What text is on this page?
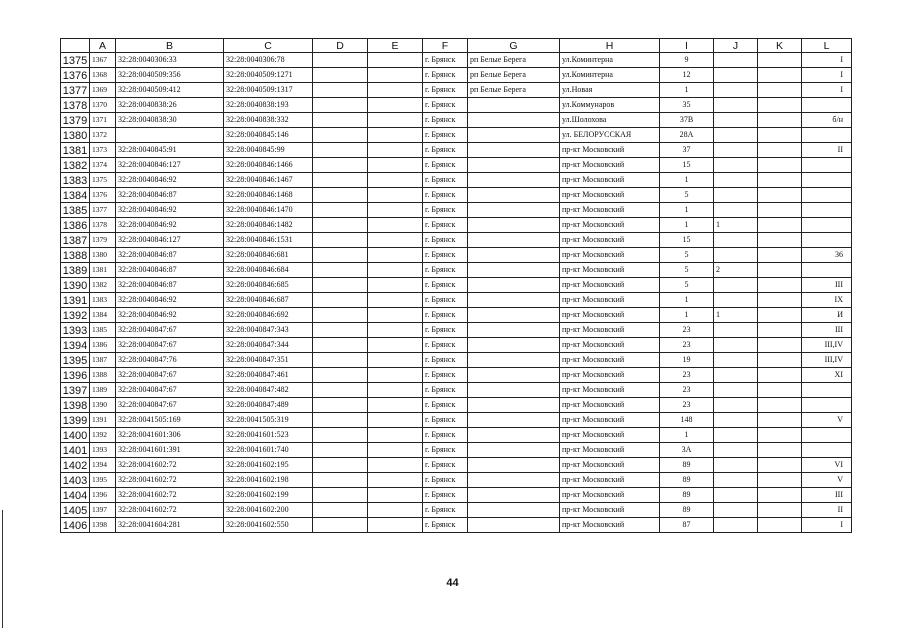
	A	B	C	D	E	F	G	H	I	J	K	L
1375	1367	32:28:0040306:33	32:28:0040306:78			г. Брянск	рп Белые Берега	ул.Коминтерна	9			I
1376	1368	32:28:0040509:356	32:28:0040509:1271			г. Брянск	рп Белые Берега	ул.Коминтерна	12			I
1377	1369	32:28:0040509:412	32:28:0040509:1317			г. Брянск	рп Белые Берега	ул.Новая	1			I
1378	1370	32:28:0040838:26	32:28:0040838:193			г. Брянск		ул.Коммунаров	35			
1379	1371	32:28:0040838:30	32:28:0040838:332			г. Брянск		ул.Шолохова	37В			б/н
1380	1372		32:28:0040845:146			г. Брянск		ул. БЕЛОРУССКАЯ	28А			
1381	1373	32:28:0040845:91	32:28:0040845:99			г. Брянск		пр-кт Московский	37			II
1382	1374	32:28:0040846:127	32:28:0040846:1466			г. Брянск		пр-кт Московский	15			
1383	1375	32:28:0040846:92	32:28:0040846:1467			г. Брянск		пр-кт Московский	1			
1384	1376	32:28:0040846:87	32:28:0040846:1468			г. Брянск		пр-кт Московский	5			
1385	1377	32:28:0040846:92	32:28:0040846:1470			г. Брянск		пр-кт Московский	1			
1386	1378	32:28:0040846:92	32:28:0040846:1482			г. Брянск		пр-кт Московский	1	1		
1387	1379	32:28:0040846:127	32:28:0040846:1531			г. Брянск		пр-кт Московский	15			
1388	1380	32:28:0040846:87	32:28:0040846:681			г. Брянск		пр-кт Московский	5			36
1389	1381	32:28:0040846:87	32:28:0040846:684			г. Брянск		пр-кт Московский	5	2		
1390	1382	32:28:0040846:87	32:28:0040846:685			г. Брянск		пр-кт Московский	5			III
1391	1383	32:28:0040846:92	32:28:0040846:687			г. Брянск		пр-кт Московский	1			IX
1392	1384	32:28:0040846:92	32:28:0040846:692			г. Брянск		пр-кт Московский	1	1		И
1393	1385	32:28:0040847:67	32:28:0040847:343			г. Брянск		пр-кт Московский	23			III
1394	1386	32:28:0040847:67	32:28:0040847:344			г. Брянск		пр-кт Московский	23			III,IV
1395	1387	32:28:0040847:76	32:28:0040847:351			г. Брянск		пр-кт Московский	19			III,IV
1396	1388	32:28:0040847:67	32:28:0040847:461			г. Брянск		пр-кт Московский	23			XI
1397	1389	32:28:0040847:67	32:28:0040847:482			г. Брянск		пр-кт Московский	23			
1398	1390	32:28:0040847:67	32:28:0040847:489			г. Брянск		пр-кт Московский	23			
1399	1391	32:28:0041505:169	32:28:0041505:319			г. Брянск		пр-кт Московский	148			V
1400	1392	32:28:0041601:306	32:28:0041601:523			г. Брянск		пр-кт Московский	1			
1401	1393	32:28:0041601:391	32:28:0041601:740			г. Брянск		пр-кт Московский	3А			
1402	1394	32:28:0041602:72	32:28:0041602:195			г. Брянск		пр-кт Московский	89			VI
1403	1395	32:28:0041602:72	32:28:0041602:198			г. Брянск		пр-кт Московский	89			V
1404	1396	32:28:0041602:72	32:28:0041602:199			г. Брянск		пр-кт Московский	89			III
1405	1397	32:28:0041602:72	32:28:0041602:200			г. Брянск		пр-кт Московский	89			II
1406	1398	32:28:0041604:281	32:28:0041602:550			г. Брянск		пр-кт Московский	87			I
44
